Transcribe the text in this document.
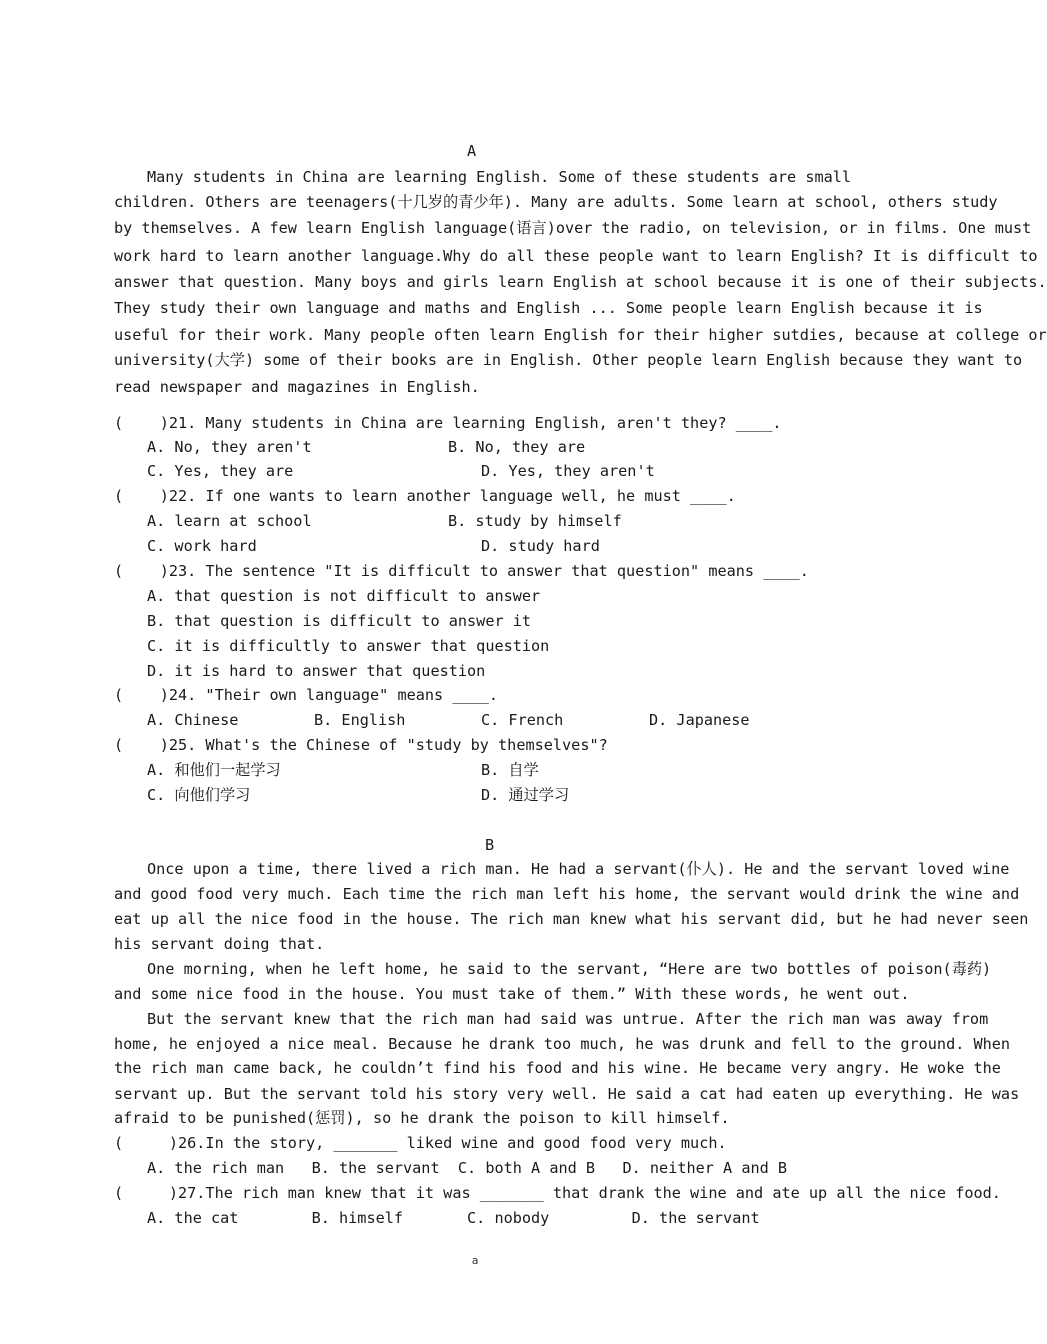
A
Many students in China are learning English. Some of these students are small
children. Others are teenagers(十几岁的青少年). Many are adults. Some learn at school, others study
by themselves. A few learn English language(语言)over the radio, on television, or in films. One must
work hard to learn another language.Why do all these people want to learn English? It is difficult to
answer that question. Many boys and girls learn English at school because it is one of their subjects.
They study their own language and maths and English ... Some people learn English because it is
useful for their work. Many people often learn English for their higher sutdies, because at college or
university(大学) some of their books are in English. Other people learn English because they want to
read newspaper and magazines in English.
(    )21. Many students in China are learning English, aren't they? ____.
A. No, they aren't	B. No, they are
C. Yes, they are	D. Yes, they aren't
(    )22. If one wants to learn another language well, he must ____.
A. learn at school	B. study by himself
C. work hard	D. study hard
(    )23. The sentence "It is difficult to answer that question" means ____.
A. that question is not difficult to answer
B. that question is difficult to answer it
C. it is difficultly to answer that question
D. it is hard to answer that question
(    )24. "Their own language" means ____.
A. Chinese	B. English	C. French	D. Japanese
(    )25. What's the Chinese of "study by themselves"?
A. 和他们一起学习	B. 自学
C. 向他们学习	D. 通过学习
B
Once upon a time, there lived a rich man. He had a servant(仆人). He and the servant loved wine
and good food very much. Each time the rich man left his home, the servant would drink the wine and
eat up all the nice food in the house. The rich man knew what his servant did, but he had never seen
his servant doing that.
One morning, when he left home, he said to the servant, “Here are two bottles of poison(毒药)
and some nice food in the house. You must take of them.” With these words, he went out.
But the servant knew that the rich man had said was untrue. After the rich man was away from
home, he enjoyed a nice meal. Because he drank too much, he was drunk and fell to the ground. When
the rich man came back, he couldn’t find his food and his wine. He became very angry. He woke the
servant up. But the servant told his story very well. He said a cat had eaten up everything. He was
afraid to be punished(惩罚), so he drank the poison to kill himself.
(     )26.In the story, _______ liked wine and good food very much.
A. the rich man   B. the servant  C. both A and B   D. neither A and B
(     )27.The rich man knew that it was _______ that drank the wine and ate up all the nice food.
A. the cat        B. himself       C. nobody         D. the servant
a
